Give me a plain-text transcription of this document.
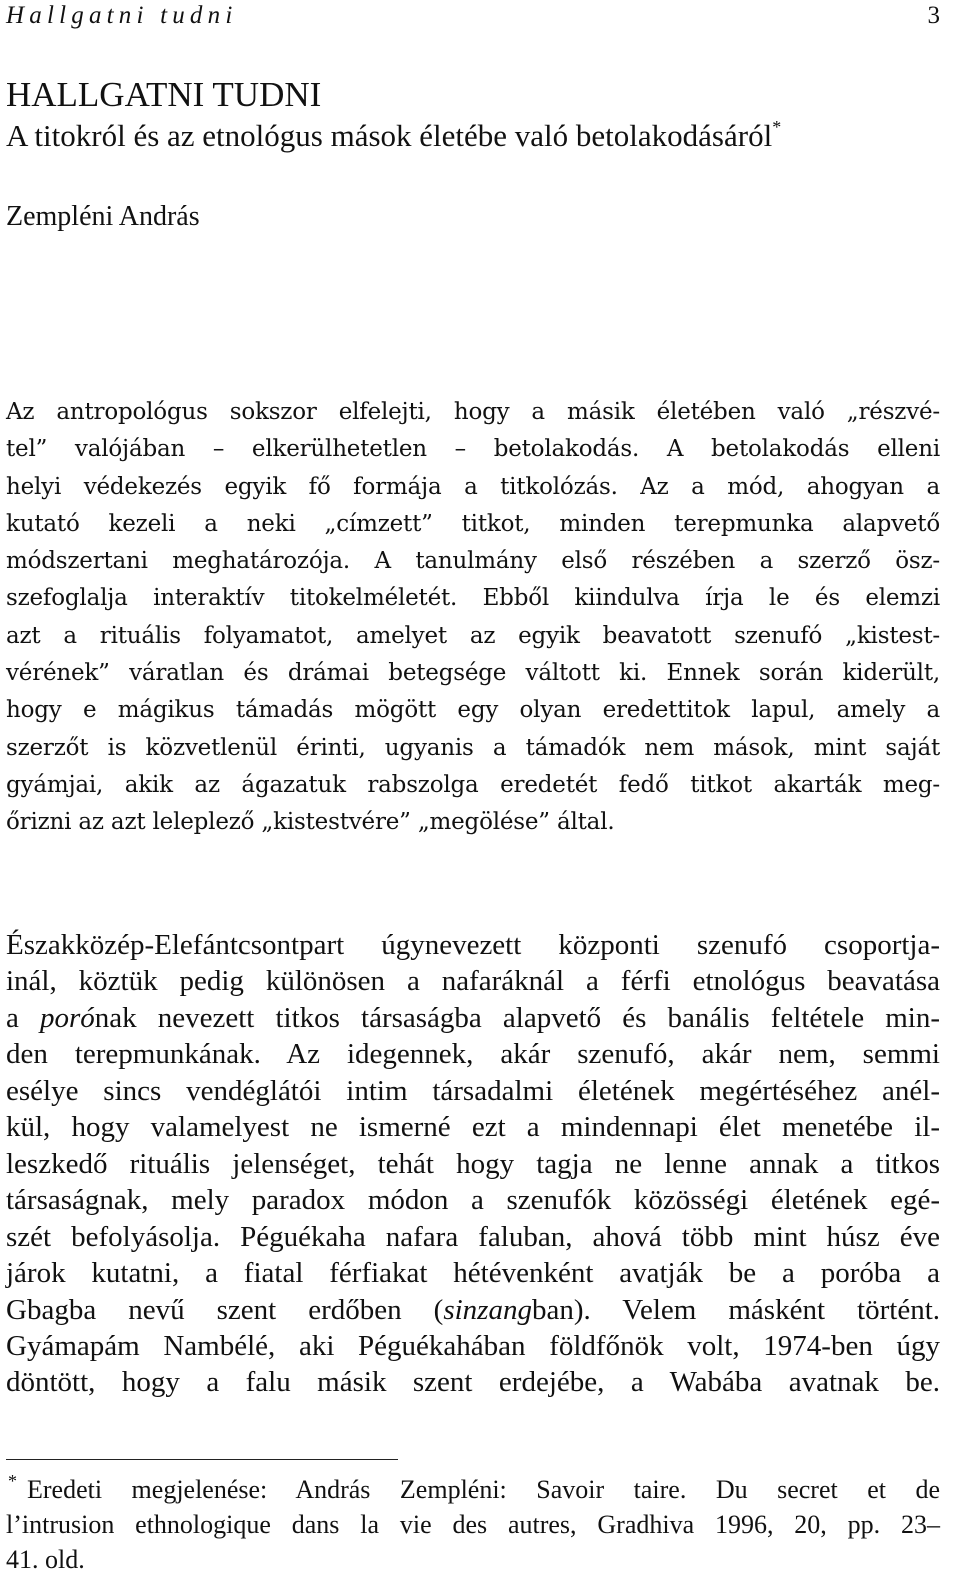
Hallgatni tudni	3
HALLGATNI TUDNI
A titokról és az etnológus mások életébe való betolakodásáról*
Zempléni András

Az antropológus sokszor elfelejti, hogy a másik életében való „részvé-
tel” valójában – elkerülhetetlen – betolakodás. A betolakodás elleni
helyi védekezés egyik fő formája a titkolózás. Az a mód, ahogyan a
kutató kezeli a neki „címzett” titkot, minden terepmunka alapvető
módszertani meghatározója. A tanulmány első részében a szerző ösz-
szefoglalja interaktív titokelméletét. Ebből kiindulva írja le és elemzi
azt a rituális folyamatot, amelyet az egyik beavatott szenufó „kistest-
vérének” váratlan és drámai betegsége váltott ki. Ennek során kiderült,
hogy e mágikus támadás mögött egy olyan eredettitok lapul, amely a
szerzőt is közvetlenül érinti, ugyanis a támadók nem mások, mint saját
gyámjai, akik az ágazatuk rabszolga eredetét fedő titkot akarták meg-
őrizni az azt leleplező „kistestvére” „megölése” által.

Északközép-Elefántcsontpart úgynevezett központi szenufó csoportja-
inál, köztük pedig különösen a nafaráknál a férfi etnológus beavatása
a porónak nevezett titkos társaságba alapvető és banális feltétele min-
den terepmunkának. Az idegennek, akár szenufó, akár nem, semmi
esélye sincs vendéglátói intim társadalmi életének megértéséhez anél-
kül, hogy valamelyest ne ismerné ezt a mindennapi élet menetébe il-
leszkedő rituális jelenséget, tehát hogy tagja ne lenne annak a titkos
társaságnak, mely paradox módon a szenufók közösségi életének egé-
szét befolyásolja. Péguékaha nafara faluban, ahová több mint húsz éve
járok kutatni, a fiatal férfiakat hétévenként avatják be a poróba a
Gbagba nevű szent erdőben (sinzangban). Velem másként történt.
Gyámapám Nambélé, aki Péguékahában földfőnök volt, 1974-ben úgy
döntött, hogy a falu másik szent erdejébe, a Wabába avatnak be.

* Eredeti megjelenése: András Zempléni: Savoir taire. Du secret et de
l’intrusion ethnologique dans la vie des autres, Gradhiva 1996, 20, pp. 23–
41. old.
